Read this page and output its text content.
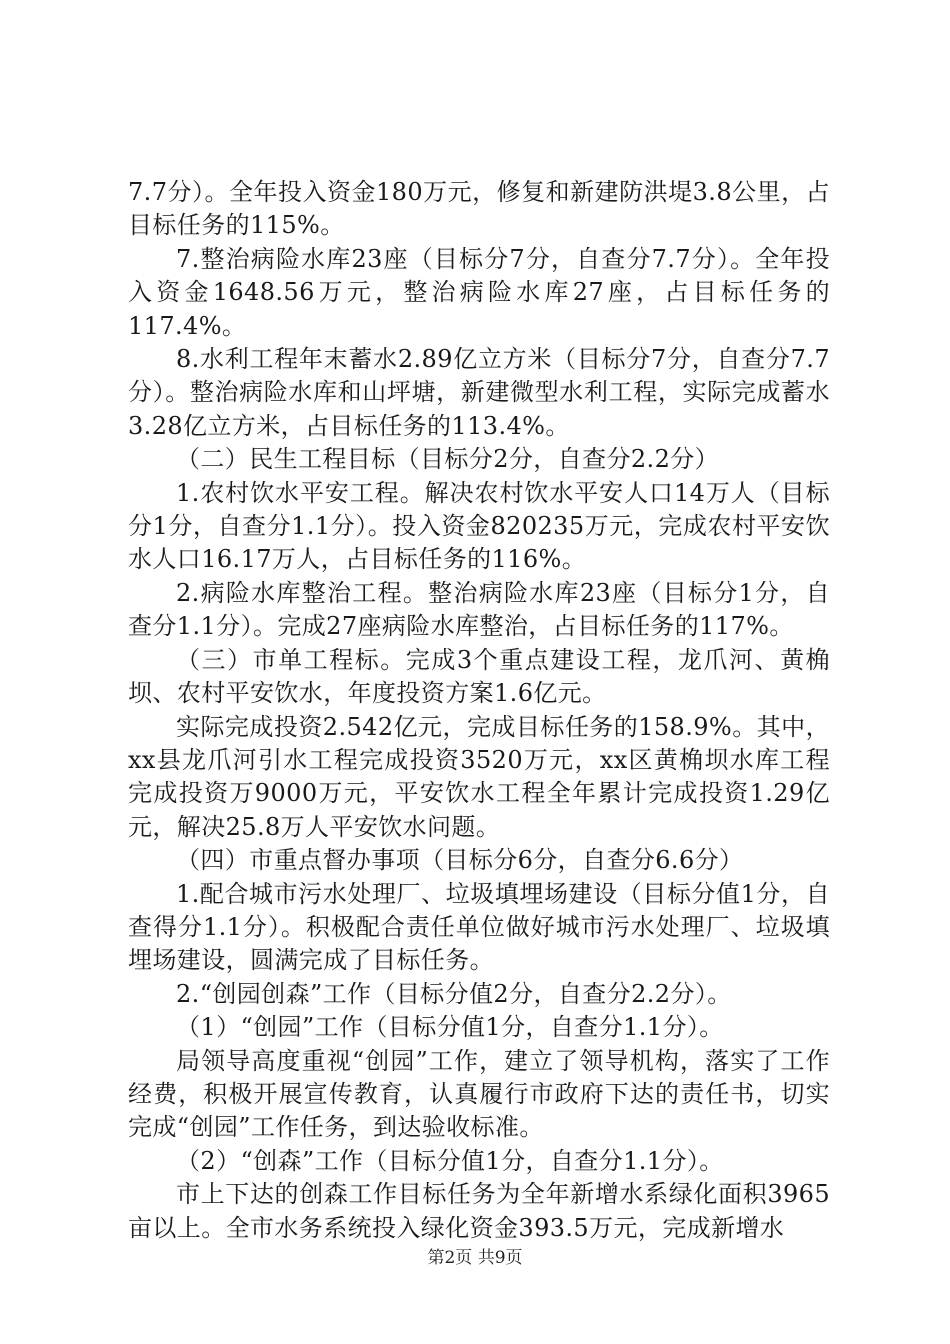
7.7分）。全年投入资金180万元，修复和新建防洪堤3.8公里，占目标任务的115%。

7.整治病险水库23座（目标分7分，自查分7.7分）。全年投入资金1648.56万元，整治病险水库27座，占目标任务的117.4%。

8.水利工程年末蓄水2.89亿立方米（目标分7分，自查分7.7分）。整治病险水库和山坪塘，新建微型水利工程，实际完成蓄水3.28亿立方米，占目标任务的113.4%。

（二）民生工程目标（目标分2分，自查分2.2分）

1.农村饮水平安工程。解决农村饮水平安人口14万人（目标分1分，自查分1.1分）。投入资金820235万元，完成农村平安饮水人口16.17万人，占目标任务的116%。

2.病险水库整治工程。整治病险水库23座（目标分1分，自查分1.1分）。完成27座病险水库整治，占目标任务的117%。

（三）市单工程标。完成3个重点建设工程，龙爪河、黄桷坝、农村平安饮水，年度投资方案1.6亿元。

实际完成投资2.542亿元，完成目标任务的158.9%。其中，xx县龙爪河引水工程完成投资3520万元，xx区黄桷坝水库工程完成投资万9000万元，平安饮水工程全年累计完成投资1.29亿元，解决25.8万人平安饮水问题。

（四）市重点督办事项（目标分6分，自查分6.6分）

1.配合城市污水处理厂、垃圾填埋场建设（目标分值1分，自查得分1.1分）。积极配合责任单位做好城市污水处理厂、垃圾填埋场建设，圆满完成了目标任务。

2.“创园创森”工作（目标分值2分，自查分2.2分）。

（1）“创园”工作（目标分值1分，自查分1.1分）。

局领导高度重视“创园”工作，建立了领导机构，落实了工作经费，积极开展宣传教育，认真履行市政府下达的责任书，切实完成“创园”工作任务，到达验收标准。

（2）“创森”工作（目标分值1分，自查分1.1分）。

市上下达的创森工作目标任务为全年新增水系绿化面积3965亩以上。全市水务系统投入绿化资金393.5万元，完成新增水

第2页 共9页
